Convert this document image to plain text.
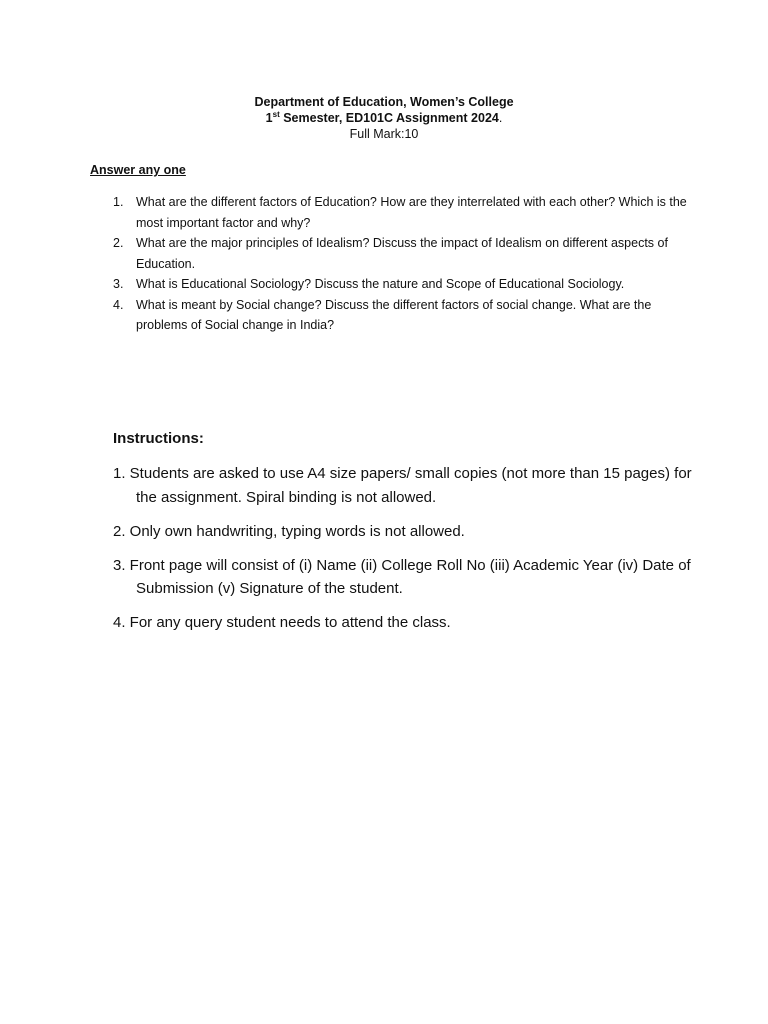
Department of Education, Women’s College
1st Semester, ED101C Assignment 2024.
Full Mark:10
Answer any one
1.	What are the different factors of Education? How are they interrelated with each other? Which is the most important factor and why?
2.	What are the major principles of Idealism? Discuss the impact of Idealism on different aspects of Education.
3.	What is Educational Sociology? Discuss the nature and Scope of Educational Sociology.
4.	What is meant by Social change? Discuss the different factors of social change. What are the problems of Social change in India?
Instructions:
1. Students are asked to use A4 size papers/ small copies (not more than 15 pages) for the assignment. Spiral binding is not allowed.
2. Only own handwriting, typing words is not allowed.
3. Front page will consist of (i) Name (ii) College Roll No (iii) Academic Year (iv) Date of Submission (v) Signature of the student.
4. For any query student needs to attend the class.
